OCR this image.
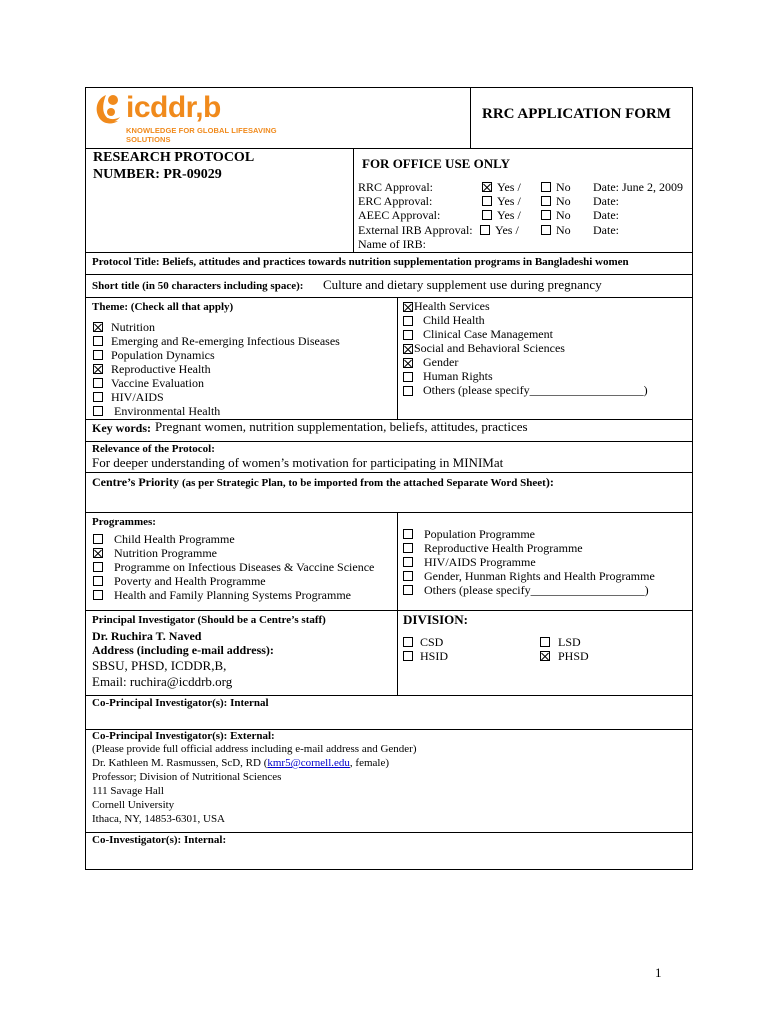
icddr,b
KNOWLEDGE FOR GLOBAL LIFESAVING SOLUTIONS
RRC APPLICATION FORM
RESEARCH PROTOCOL
NUMBER: PR-09029
FOR OFFICE USE ONLY
RRC Approval:	Yes /	No Date: June 2, 2009
ERC Approval:	Yes /	No Date:
AEEC Approval:	Yes /	No Date:
External IRB Approval: Yes /	No Date:
Name of IRB:
Protocol Title: Beliefs, attitudes and practices towards nutrition supplementation programs in Bangladeshi women
Short title (in 50 characters including space): Culture and dietary supplement use during pregnancy
Theme: (Check all that apply)
Nutrition
Emerging and Re-emerging Infectious Diseases
Population Dynamics
Reproductive Health
Vaccine Evaluation
HIV/AIDS
Environmental Health
Health Services
Child Health
Clinical Case Management
Social and Behavioral Sciences
Gender
Human Rights
Others (please specify___________________)
Key words: Pregnant women, nutrition supplementation, beliefs, attitudes, practices
Relevance of the Protocol:
For deeper understanding of women’s motivation for participating in MINIMat
Centre’s Priority (as per Strategic Plan, to be imported from the attached Separate Word Sheet):
Programmes:
Child Health Programme
Nutrition Programme
Programme on Infectious Diseases & Vaccine Science
Poverty and Health Programme
Health and Family Planning Systems Programme
Population Programme
Reproductive Health Programme
HIV/AIDS Programme
Gender, Hunman Rights and Health Programme
Others (please specify___________________)
Principal Investigator (Should be a Centre’s staff)
Dr. Ruchira T. Naved
Address (including e-mail address):
SBSU, PHSD, ICDDR,B,
Email: ruchira@icddrb.org
DIVISION:
CSD	LSD
HSID	PHSD
Co-Principal Investigator(s): Internal
Co-Principal Investigator(s): External:
(Please provide full official address including e-mail address and Gender)
Dr. Kathleen M. Rasmussen, ScD, RD (kmr5@cornell.edu, female)
Professor; Division of Nutritional Sciences
111 Savage Hall
Cornell University
Ithaca, NY, 14853-6301, USA
Co-Investigator(s): Internal:
1
